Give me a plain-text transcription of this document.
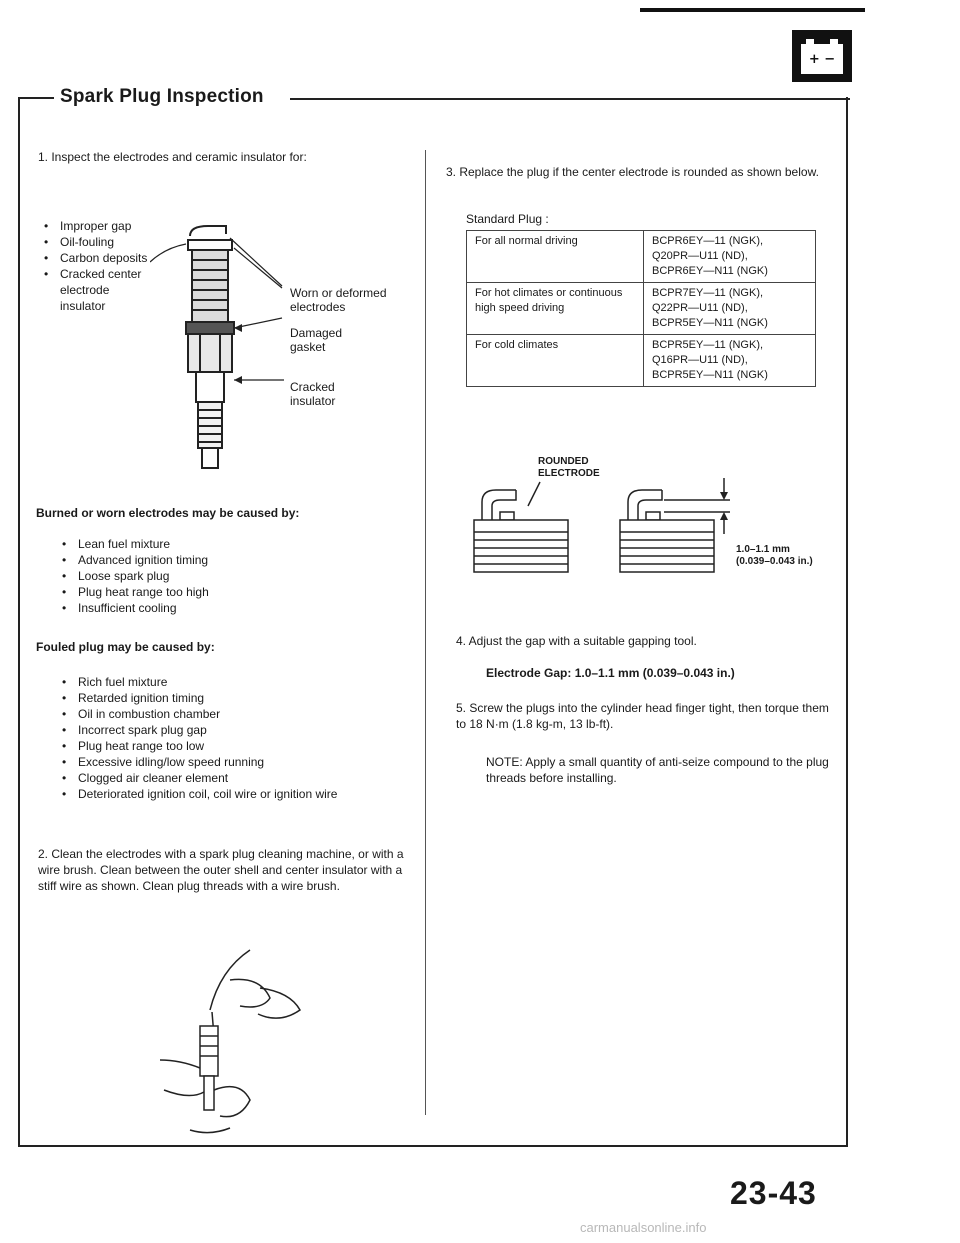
+ −
Spark Plug Inspection
1. Inspect the electrodes and ceramic insulator for:
• Improper gap
• Oil-fouling
• Carbon deposits
• Cracked center electrode insulator
Worn or deformed electrodes
Damaged gasket
Cracked insulator
Burned or worn electrodes may be caused by:
• Lean fuel mixture
• Advanced ignition timing
• Loose spark plug
• Plug heat range too high
• Insufficient cooling
Fouled plug may be caused by:
• Rich fuel mixture
• Retarded ignition timing
• Oil in combustion chamber
• Incorrect spark plug gap
• Plug heat range too low
• Excessive idling/low speed running
• Clogged air cleaner element
• Deteriorated ignition coil, coil wire or ignition wire
2. Clean the electrodes with a spark plug cleaning machine, or with a wire brush. Clean between the outer shell and center insulator with a stiff wire as shown. Clean plug threads with a wire brush.
3. Replace the plug if the center electrode is rounded as shown below.
Standard Plug :
For all normal driving	BCPR6EY—11 (NGK),
Q20PR—U11 (ND),
BCPR6EY—N11 (NGK)

For hot climates or continuous high speed driving	BCPR7EY—11 (NGK),
Q22PR—U11 (ND),
BCPR5EY—N11 (NGK)

For cold climates	BCPR5EY—11 (NGK),
Q16PR—U11 (ND),
BCPR5EY—N11 (NGK)
ROUNDED
ELECTRODE
1.0–1.1 mm
(0.039–0.043 in.)
4. Adjust the gap with a suitable gapping tool.
Electrode Gap: 1.0–1.1 mm (0.039–0.043 in.)
5. Screw the plugs into the cylinder head finger tight, then torque them to 18 N·m (1.8 kg-m, 13 lb-ft).
NOTE: Apply a small quantity of anti-seize compound to the plug threads before installing.
23-43
carmanualsonline.info
